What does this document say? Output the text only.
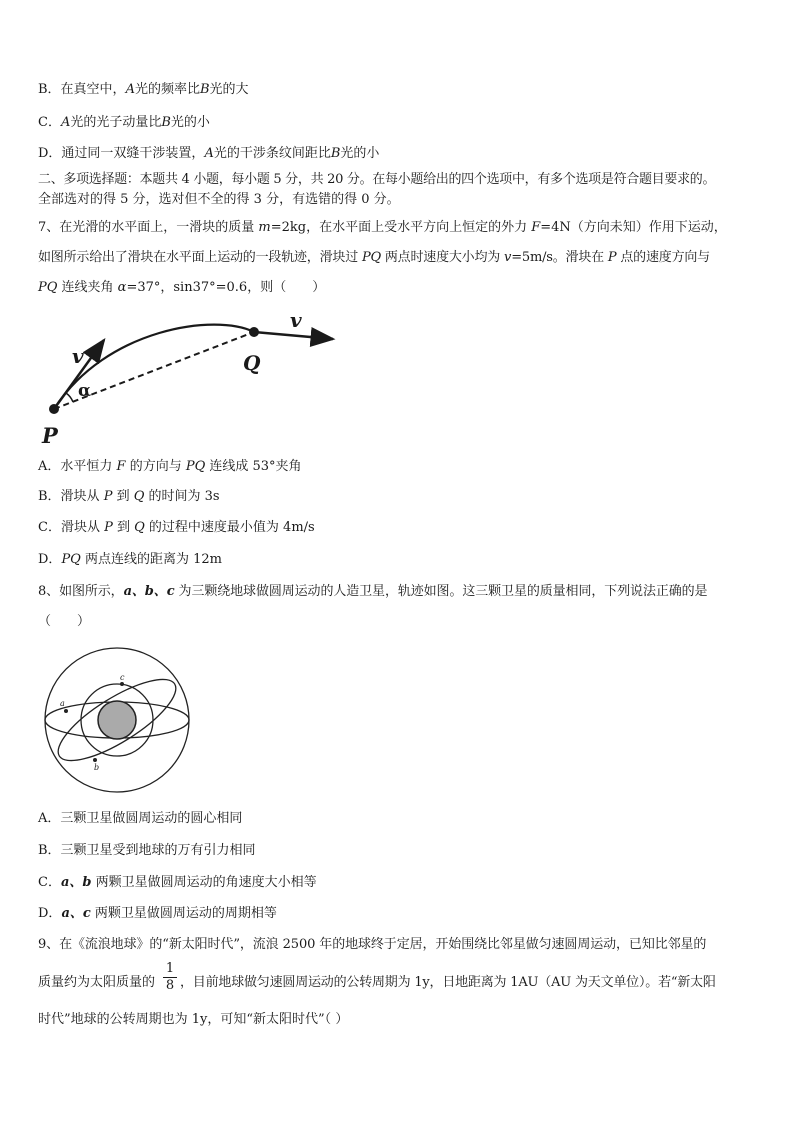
B．在真空中，A光的频率比B光的大
C．A光的光子动量比B光的小
D．通过同一双缝干涉装置，A光的干涉条纹间距比B光的小
二、多项选择题：本题共 4 小题，每小题 5 分，共 20 分。在每小题给出的四个选项中，有多个选项是符合题目要求的。
全部选对的得 5 分，选对但不全的得 3 分，有选错的得 0 分。
7、在光滑的水平面上，一滑块的质量 m=2kg，在水平面上受水平方向上恒定的外力 F=4N（方向未知）作用下运动，
如图所示给出了滑块在水平面上运动的一段轨迹，滑块过 PQ 两点时速度大小均为 v=5m/s。滑块在 P 点的速度方向与
PQ 连线夹角 α=37°，sin37°=0.6，则（　　）
v
α
v
Q
P
A．水平恒力 F 的方向与 PQ 连线成 53°夹角
B．滑块从 P 到 Q 的时间为 3s
C．滑块从 P 到 Q 的过程中速度最小值为 4m/s
D．PQ 两点连线的距离为 12m
8、如图所示，a、b、c 为三颗绕地球做圆周运动的人造卫星，轨迹如图。这三颗卫星的质量相同，下列说法正确的是
（　　）
a
b
c
A．三颗卫星做圆周运动的圆心相同
B．三颗卫星受到地球的万有引力相同
C．a、b 两颗卫星做圆周运动的角速度大小相等
D．a、c 两颗卫星做圆周运动的周期相等
9、在《流浪地球》的“新太阳时代”，流浪 2500 年的地球终于定居，开始围绕比邻星做匀速圆周运动，已知比邻星的
质量约为太阳质量的
1
8 ，目前地球做匀速圆周运动的公转周期为 1y，日地距离为 1AU（AU 为天文单位）。若“新太阳
时代”地球的公转周期也为 1y，可知“新太阳时代”（ ）
